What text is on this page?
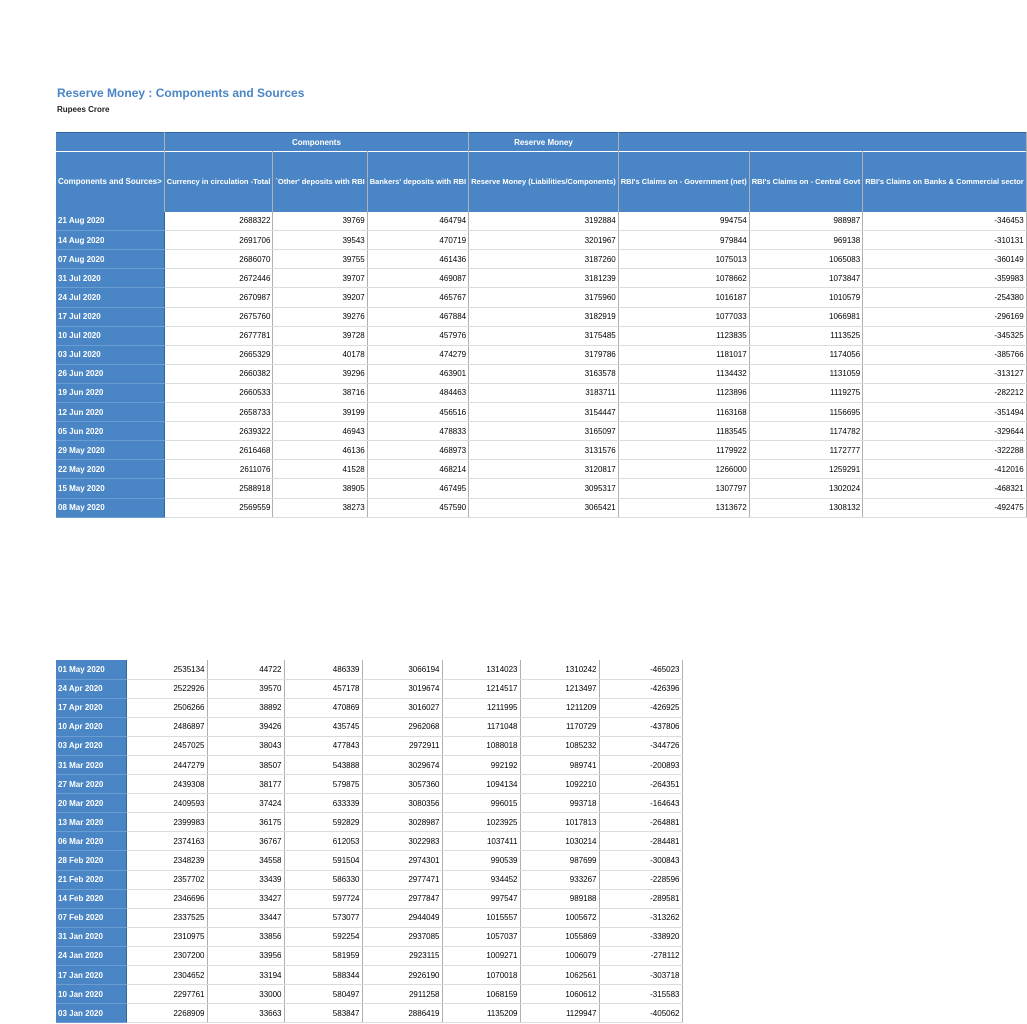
Reserve Money : Components and Sources
Rupees Crore
	Components			Reserve Money			
Components and Sources>	Currency in circulation -Total	`Other' deposits with RBI	Bankers' deposits with RBI	Reserve Money (Liabilities/Components)	RBI's Claims on - Government (net)	RBI's Claims on - Central Govt	RBI's Claims on Banks & Commercial sector
21 Aug 2020	2688322	39769	464794	3192884	994754	988987	-346453
14 Aug 2020	2691706	39543	470719	3201967	979844	969138	-310131
07 Aug 2020	2686070	39755	461436	3187260	1075013	1065083	-360149
31 Jul 2020	2672446	39707	469087	3181239	1078662	1073847	-359983
24 Jul 2020	2670987	39207	465767	3175960	1016187	1010579	-254380
17 Jul 2020	2675760	39276	467884	3182919	1077033	1066981	-296169
10 Jul 2020	2677781	39728	457976	3175485	1123835	1113525	-345325
03 Jul 2020	2665329	40178	474279	3179786	1181017	1174056	-385766
26 Jun 2020	2660382	39296	463901	3163578	1134432	1131059	-313127
19 Jun 2020	2660533	38716	484463	3183711	1123896	1119275	-282212
12 Jun 2020	2658733	39199	456516	3154447	1163168	1156695	-351494
05 Jun 2020	2639322	46943	478833	3165097	1183545	1174782	-329644
29 May 2020	2616468	46136	468973	3131576	1179922	1172777	-322288
22 May 2020	2611076	41528	468214	3120817	1266000	1259291	-412016
15 May 2020	2588918	38905	467495	3095317	1307797	1302024	-468321
08 May 2020	2569559	38273	457590	3065421	1313672	1308132	-492475
01 May 2020	2535134	44722	486339	3066194	1314023	1310242	-465023
24 Apr 2020	2522926	39570	457178	3019674	1214517	1213497	-426396
17 Apr 2020	2506266	38892	470869	3016027	1211995	1211209	-426925
10 Apr 2020	2486897	39426	435745	2962068	1171048	1170729	-437806
03 Apr 2020	2457025	38043	477843	2972911	1088018	1085232	-344726
31 Mar 2020	2447279	38507	543888	3029674	992192	989741	-200893
27 Mar 2020	2439308	38177	579875	3057360	1094134	1092210	-264351
20 Mar 2020	2409593	37424	633339	3080356	996015	993718	-164643
13 Mar 2020	2399983	36175	592829	3028987	1023925	1017813	-264881
06 Mar 2020	2374163	36767	612053	3022983	1037411	1030214	-284481
28 Feb 2020	2348239	34558	591504	2974301	990539	987699	-300843
21 Feb 2020	2357702	33439	586330	2977471	934452	933267	-228596
14 Feb 2020	2346696	33427	597724	2977847	997547	989188	-289581
07 Feb 2020	2337525	33447	573077	2944049	1015557	1005672	-313262
31 Jan 2020	2310975	33856	592254	2937085	1057037	1055869	-338920
24 Jan 2020	2307200	33956	581959	2923115	1009271	1006079	-278112
17 Jan 2020	2304652	33194	588344	2926190	1070018	1062561	-303718
10 Jan 2020	2297761	33000	580497	2911258	1068159	1060612	-315583
03 Jan 2020	2268909	33663	583847	2886419	1135209	1129947	-405062
